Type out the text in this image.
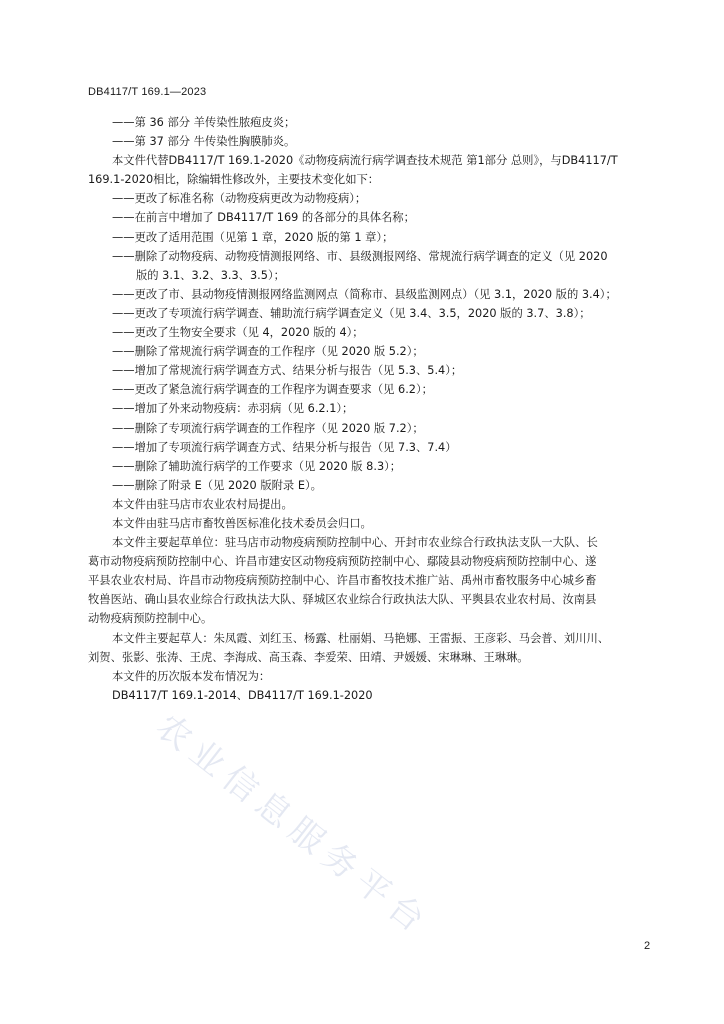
DB4117/T 169.1—2023
农业信息服务平台
——第 36 部分 羊传染性脓疱皮炎；
——第 37 部分 牛传染性胸膜肺炎。
本文件代替DB4117/T 169.1-2020《动物疫病流行病学调查技术规范 第1部分 总则》，与DB4117/T
169.1-2020相比，除编辑性修改外，主要技术变化如下：
——更改了标准名称（动物疫病更改为动物疫病）；
——在前言中增加了 DB4117/T 169 的各部分的具体名称；
——更改了适用范围（见第 1 章，2020 版的第 1 章）；
——删除了动物疫病、动物疫情测报网络、市、县级测报网络、常规流行病学调查的定义（见 2020
版的 3.1、3.2、3.3、3.5）；
——更改了市、县动物疫情测报网络监测网点（简称市、县级监测网点）（见 3.1，2020 版的 3.4）；
——更改了专项流行病学调查、辅助流行病学调查定义（见 3.4、3.5，2020 版的 3.7、3.8）；
——更改了生物安全要求（见 4，2020 版的 4）；
——删除了常规流行病学调查的工作程序（见 2020 版 5.2）；
——增加了常规流行病学调查方式、结果分析与报告（见 5.3、5.4）；
——更改了紧急流行病学调查的工作程序为调查要求（见 6.2）；
——增加了外来动物疫病：赤羽病（见 6.2.1）；
——删除了专项流行病学调查的工作程序（见 2020 版 7.2）；
——增加了专项流行病学调查方式、结果分析与报告（见 7.3、7.4）
——删除了辅助流行病学的工作要求（见 2020 版 8.3）；
——删除了附录 E（见 2020 版附录 E）。
本文件由驻马店市农业农村局提出。
本文件由驻马店市畜牧兽医标准化技术委员会归口。
本文件主要起草单位：驻马店市动物疫病预防控制中心、开封市农业综合行政执法支队一大队、长
葛市动物疫病预防控制中心、许昌市建安区动物疫病预防控制中心、鄢陵县动物疫病预防控制中心、遂
平县农业农村局、许昌市动物疫病预防控制中心、许昌市畜牧技术推广站、禹州市畜牧服务中心城乡畜
牧兽医站、确山县农业综合行政执法大队、驿城区农业综合行政执法大队、平舆县农业农村局、汝南县
动物疫病预防控制中心。
本文件主要起草人：朱凤霞、刘红玉、杨露、杜丽娟、马艳娜、王雷振、王彦彩、马会普、刘川川、
刘贺、张影、张涛、王虎、李海成、高玉森、李爱荣、田靖、尹媛媛、宋琳琳、王琳琳。
本文件的历次版本发布情况为：
DB4117/T 169.1-2014、DB4117/T 169.1-2020
2
